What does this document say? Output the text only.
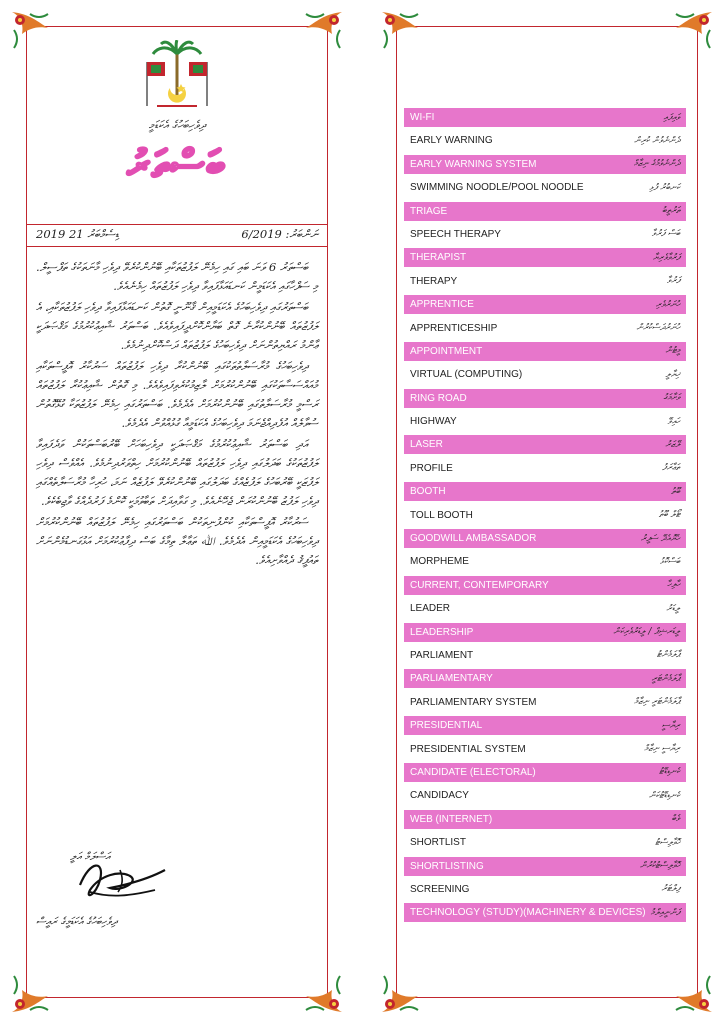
ދިވެހިބަހުގެ އެކަޑަމީ
ބަސްތަރު
2019 ޑިސެމްބަރު 21	ނަންބަރު: 6/2019

ބަސްތަރު 6 ވަނަ ބައި ގައި ހިމެނޭ ލަފުޒުތަކާއި ބޭނުންކުރެވޭ ދިވެހި މާނަތަކުގެ ތަފްސީލް. މި ސަފްހާގައި އެކަޑަމީން ކަނޑައަޅާފައިވާ ދިވެހި ލަފުޒުތައް ހިމެނެއެވެ.

ބަސްތަރުގައި ދިވެހިބަހުގެ އެކަޑަމީއިން ޤާނޫނީ ގޮތުން ކަނޑައަޅާފައިވާ ދިވެހި ލަފުޒުތަކާއި، އެ ލަފުޒުތައް ބޭނުންކުރާނެ ގޮތް ބަޔާންކޮށްދީފައިވެއެވެ. ބަސްތަރު ޝާއިޢުކުރުމުގެ މަޤްޞަދަކީ ޢާންމު ރައްޔިތުންނަށް ދިވެހިބަހުގެ ލަފުޒުތައް ދަސްކޮށްދިނުމެވެ.

ދިވެހިބަހުގެ މުރާސަލާތުތަކުގައި ބޭނުންކުރާ ދިވެހި ލަފުޒުތައް ސަރުކާރު އޮފީސްތަކާއި މުއައްސަސާތަކުގައި ބޭނުންކުރުމަށް ލާޒިމުކުރެވިފައިވެއެވެ. މި ގޮތުން ޝާއިޢުކުރާ ލަފުޒުތައް ރަސްމީ މުރާސަލާތުގައި ބޭނުންކުރުމަށް އެދެމެވެ. ބަސްތަރުގައި ހިމެނޭ ލަފުޒުތަކާ ގުޅޭގޮތުން ސުވާލެއް އުފެދިއްޖެނަމަ ދިވެހިބަހުގެ އެކަޑަމީއާ ގުޅުއްވުން އެދެމެވެ.

އަދި ބަސްތަރު ޝާއިޢުކުރުމުގެ މަޤްޞަދަކީ ދިވެހިބަހަށް ބޭރުބަސްތަކުން ވަދެފައިވާ ލަފުޒުތަކުގެ ބަދަލުގައި ދިވެހި ލަފުޒުތައް ބޭނުންކުރުމަށް ހިތްވަރުދިނުމެވެ. އެއްވެސް ދިވެހި ލަފުޒަކީ ބޭރުބަހުގެ ލަފުޒެއްގެ ބަދަލުގައި ބޭނުންކުރެވޭ ލަފުޒެއް ނަމަ، ހުރިހާ މުރާސަލާތެއްގައި ދިވެހި ލަފުޒު ބޭނުންކުރަން ޖެހޭނެއެވެ. މި ގަވާއިދަށް ތަބާވުމަކީ ކޮންމެ ފަރުދެއްގެ ވާޖިބެކެވެ.

ސަރުކާރު އޮފީސްތަކާއި ކުންފުނިތަކުން ބަސްތަރުގައި ހިމެނޭ ލަފުޒުތައް ބޭނުންކުރުމަށް ދިވެހިބަހުގެ އެކަޑަމީއިން އެދެމެވެ. ﷲ ތަޢާލާ ތިމާގެ ބަސް ދިފާޢުކުރުމަށް އަޅުގަނޑުމެންނަށް ތައުފީޤު ދެއްވާށިއެވެ.

އަސްލަމް އަލީ
ދިވެހިބަހުގެ އެކަޑަމީގެ ރައީސް
WI-FI	ވައިފައި
EARLY WARNING	ދެންނެވުން ކުރިން
EARLY WARNING SYSTEM	ދެންނެވުމުގެ ނިޒާމް
SWIMMING NOODLE/POOL NOODLE	ކަނބުރު ފުޅި
TRIAGE	ތަރުތީބު
SPEECH THERAPY	ބަސް ފަރުވާ
THERAPIST	ފަރުވާވެރިޔާ
THERAPY	ފަރުވާ
APPRENTICE	ހުނަރުވެރި
APPRENTICESHIP	ހުނަރުދަސްކުރުން
APPOINTMENT	މީޓުން
VIRTUAL (COMPUTING)	ޚިޔާލީ
RING ROAD	ވަށާމަގު
HIGHWAY	ހައިވޭ
LASER	ލޭޒަރު
PROFILE	ތަޢާރަފު
BOOTH	ބޫތު
TOLL BOOTH	ޓޯލް ބޫތު
GOODWILL AMBASSADOR	ހެޔޮއެދޭ ސަފީރު
MORPHEME	ބަސްކޮޅު
CURRENT, CONTEMPORARY	ހާލިހާ
LEADER	ލީޑަރު
LEADERSHIP	ލީޑަރޝިޕް / ލީޑަރުވެރިކަން
PARLIAMENT	ޕާލަމެންޓު
PARLIAMENTARY	ޕާލަމެންޓަރީ
PARLIAMENTARY SYSTEM	ޕާލަމެންޓަރީ ނިޒާމް
PRESIDENTIAL	ރިޔާސީ
PRESIDENTIAL SYSTEM	ރިޔާސީ ނިޒާމް
CANDIDATE (ELECTORAL)	ކެނޑިޑޭޓު
CANDIDACY	ކެނޑިޑޭޓުކަން
WEB (INTERNET)	ވެބް
SHORTLIST	ހޮވާލިސްޓު
SHORTLISTING	ހޮވާލިސްޓުކުރުން
SCREENING	ފިލްޓަރު
TECHNOLOGY (STUDY)(MACHINERY & DEVICES) ފަންނީއިލްމު
